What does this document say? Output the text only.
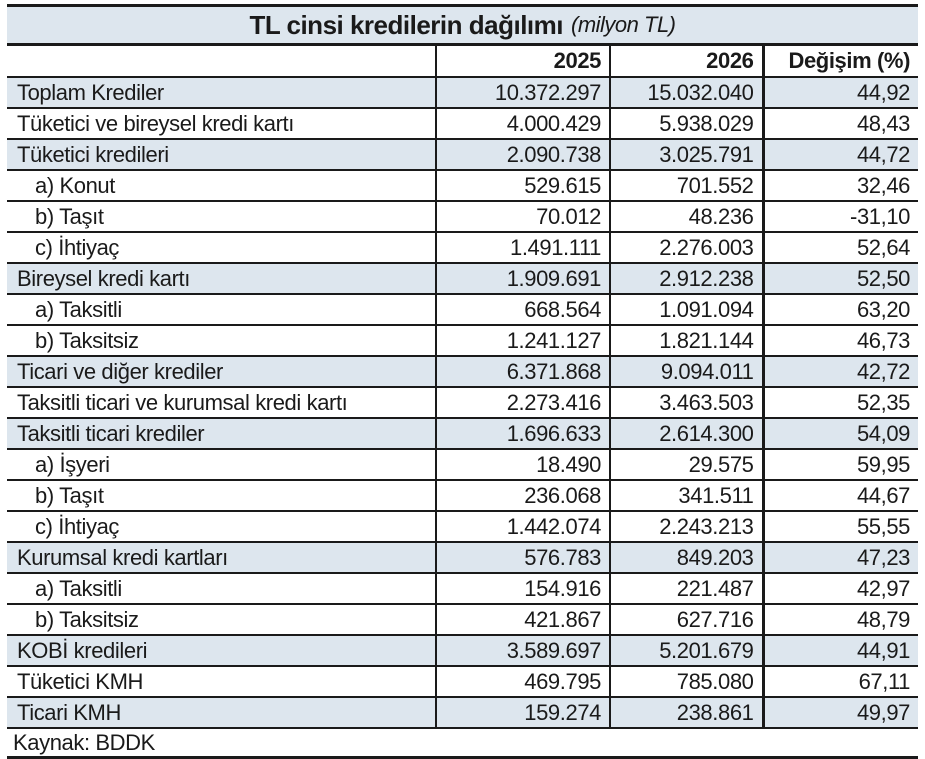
TL cinsi kredilerin dağılımı (milyon TL)
	2025	2026	Değişim (%)
Toplam Krediler	10.372.297	15.032.040	44,92
Tüketici ve bireysel kredi kartı	4.000.429	5.938.029	48,43
Tüketici kredileri	2.090.738	3.025.791	44,72
a) Konut	529.615	701.552	32,46
b) Taşıt	70.012	48.236	-31,10
c) İhtiyaç	1.491.111	2.276.003	52,64
Bireysel kredi kartı	1.909.691	2.912.238	52,50
a) Taksitli	668.564	1.091.094	63,20
b) Taksitsiz	1.241.127	1.821.144	46,73
Ticari ve diğer krediler	6.371.868	9.094.011	42,72
Taksitli ticari ve kurumsal kredi kartı	2.273.416	3.463.503	52,35
Taksitli ticari krediler	1.696.633	2.614.300	54,09
a) İşyeri	18.490	29.575	59,95
b) Taşıt	236.068	341.511	44,67
c) İhtiyaç	1.442.074	2.243.213	55,55
Kurumsal kredi kartları	576.783	849.203	47,23
a) Taksitli	154.916	221.487	42,97
b) Taksitsiz	421.867	627.716	48,79
KOBİ kredileri	3.589.697	5.201.679	44,91
Tüketici KMH	469.795	785.080	67,11
Ticari KMH	159.274	238.861	49,97
Kaynak: BDDK
